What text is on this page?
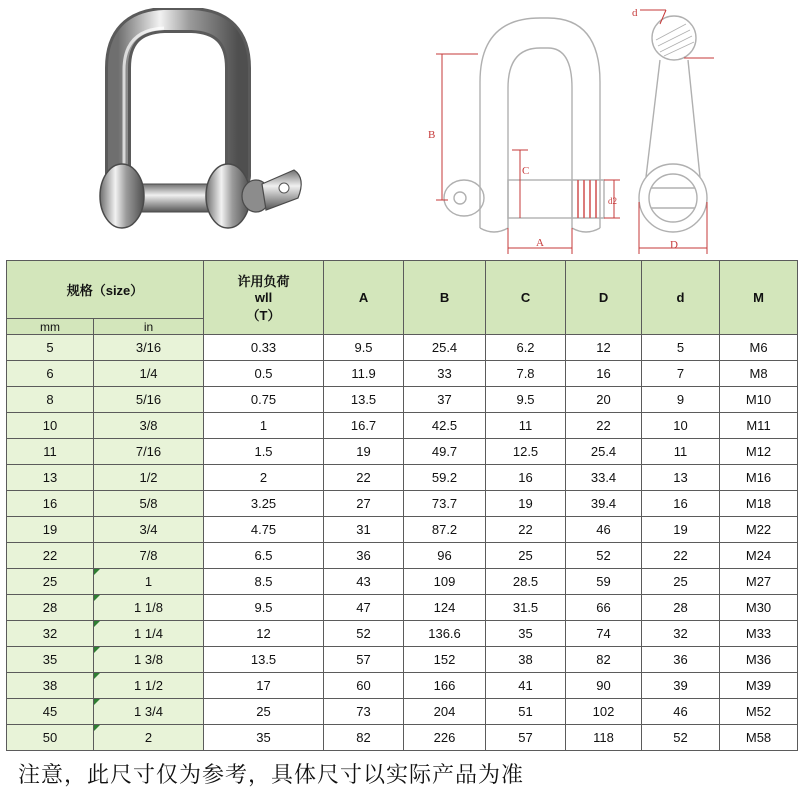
B
C
A	D
d
d2
规格（size）		许用负荷
wll
（T）	A	B	C	D	d	M
mm	in							
5	3/16	0.33	9.5	25.4	6.2	12	5	M6
6	1/4	0.5	11.9	33	7.8	16	7	M8
8	5/16	0.75	13.5	37	9.5	20	9	M10
10	3/8	1	16.7	42.5	11	22	10	M11
11	7/16	1.5	19	49.7	12.5	25.4	11	M12
13	1/2	2	22	59.2	16	33.4	13	M16
16	5/8	3.25	27	73.7	19	39.4	16	M18
19	3/4	4.75	31	87.2	22	46	19	M22
22	7/8	6.5	36	96	25	52	22	M24
25	1	8.5	43	109	28.5	59	25	M27
28	1 1/8	9.5	47	124	31.5	66	28	M30
32	1 1/4	12	52	136.6	35	74	32	M33
35	1 3/8	13.5	57	152	38	82	36	M36
38	1 1/2	17	60	166	41	90	39	M39
45	1 3/4	25	73	204	51	102	46	M52
50	2	35	82	226	57	118	52	M58
注意，此尺寸仅为参考，具体尺寸以实际产品为准
